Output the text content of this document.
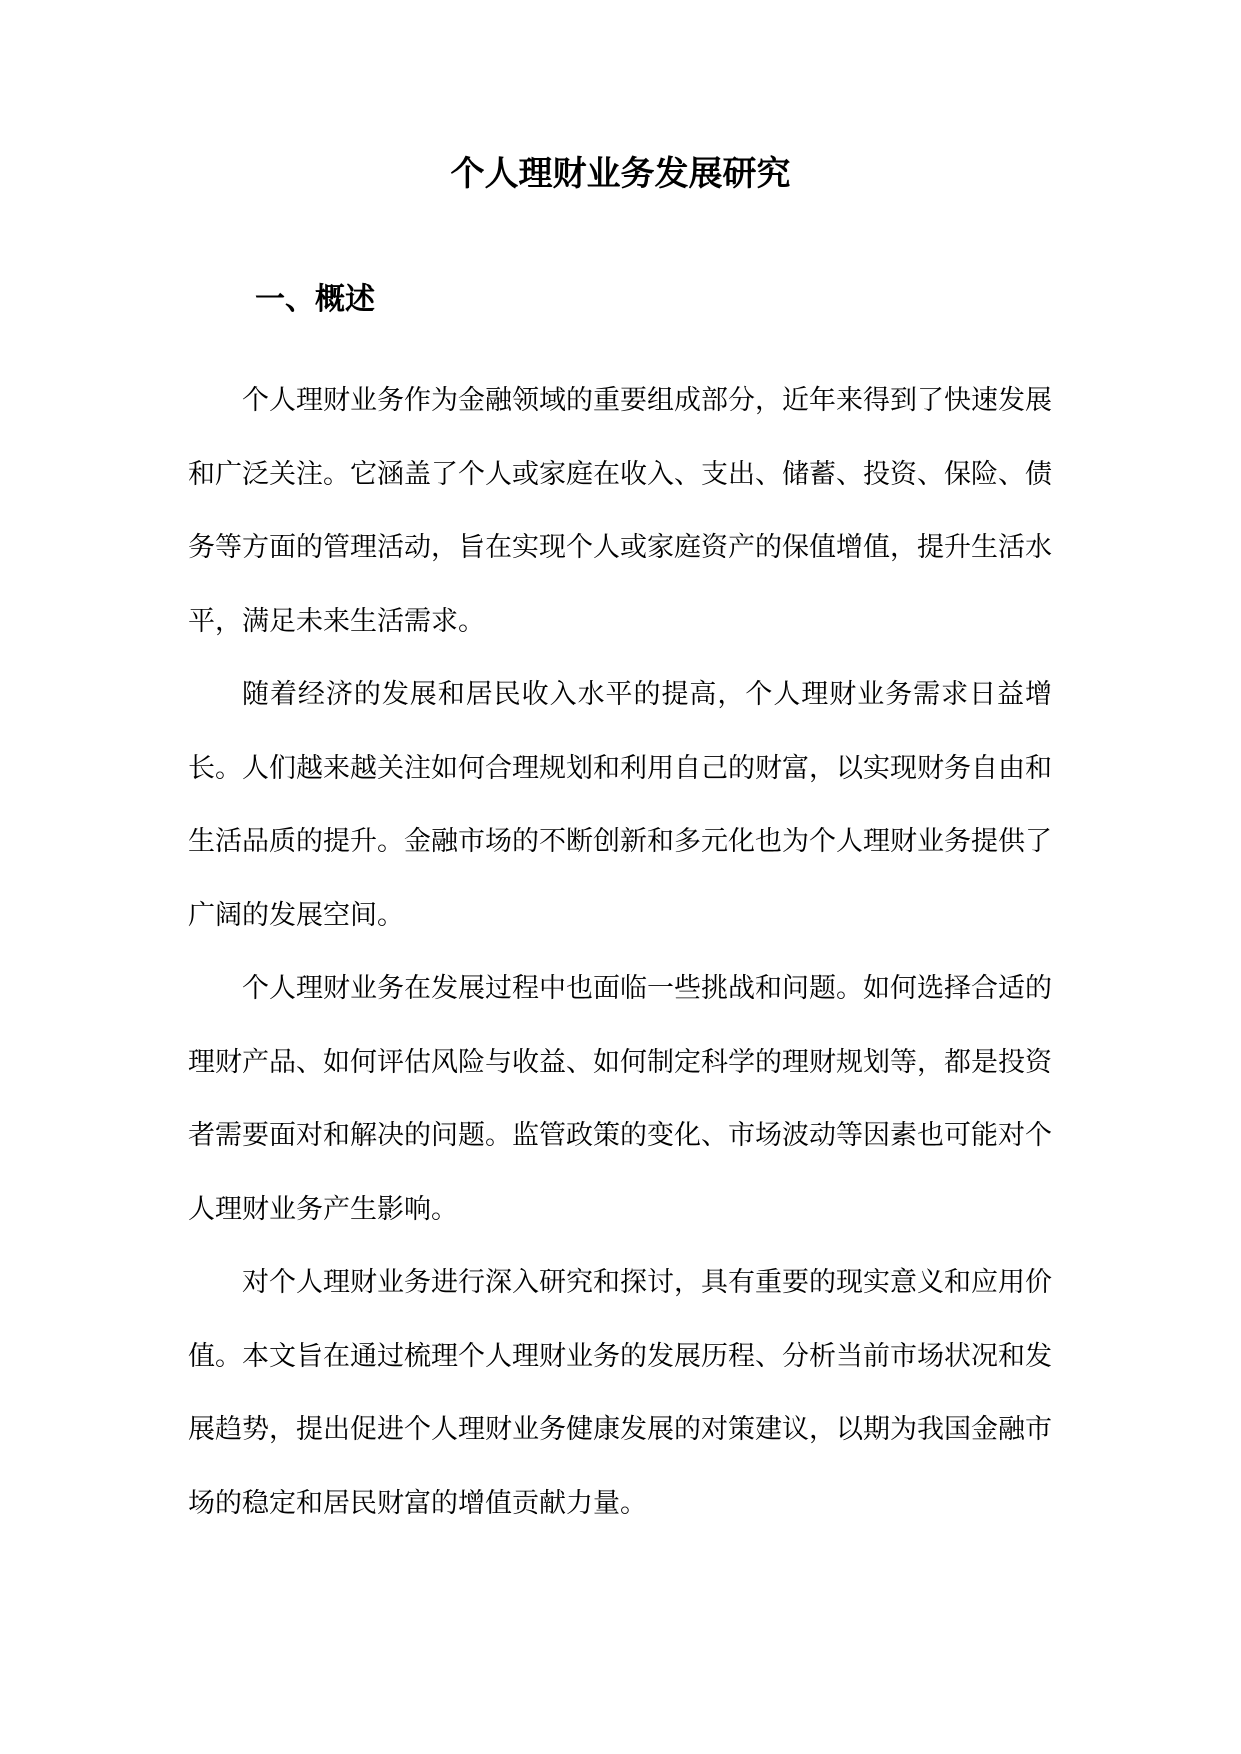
个人理财业务发展研究
一、概述

个人理财业务作为金融领域的重要组成部分，近年来得到了快速发展和广泛关注。它涵盖了个人或家庭在收入、支出、储蓄、投资、保险、债务等方面的管理活动，旨在实现个人或家庭资产的保值增值，提升生活水平，满足未来生活需求。

随着经济的发展和居民收入水平的提高，个人理财业务需求日益增长。人们越来越关注如何合理规划和利用自己的财富，以实现财务自由和生活品质的提升。金融市场的不断创新和多元化也为个人理财业务提供了广阔的发展空间。

个人理财业务在发展过程中也面临一些挑战和问题。如何选择合适的理财产品、如何评估风险与收益、如何制定科学的理财规划等，都是投资者需要面对和解决的问题。监管政策的变化、市场波动等因素也可能对个人理财业务产生影响。

对个人理财业务进行深入研究和探讨，具有重要的现实意义和应用价值。本文旨在通过梳理个人理财业务的发展历程、分析当前市场状况和发展趋势，提出促进个人理财业务健康发展的对策建议，以期为我国金融市场的稳定和居民财富的增值贡献力量。
